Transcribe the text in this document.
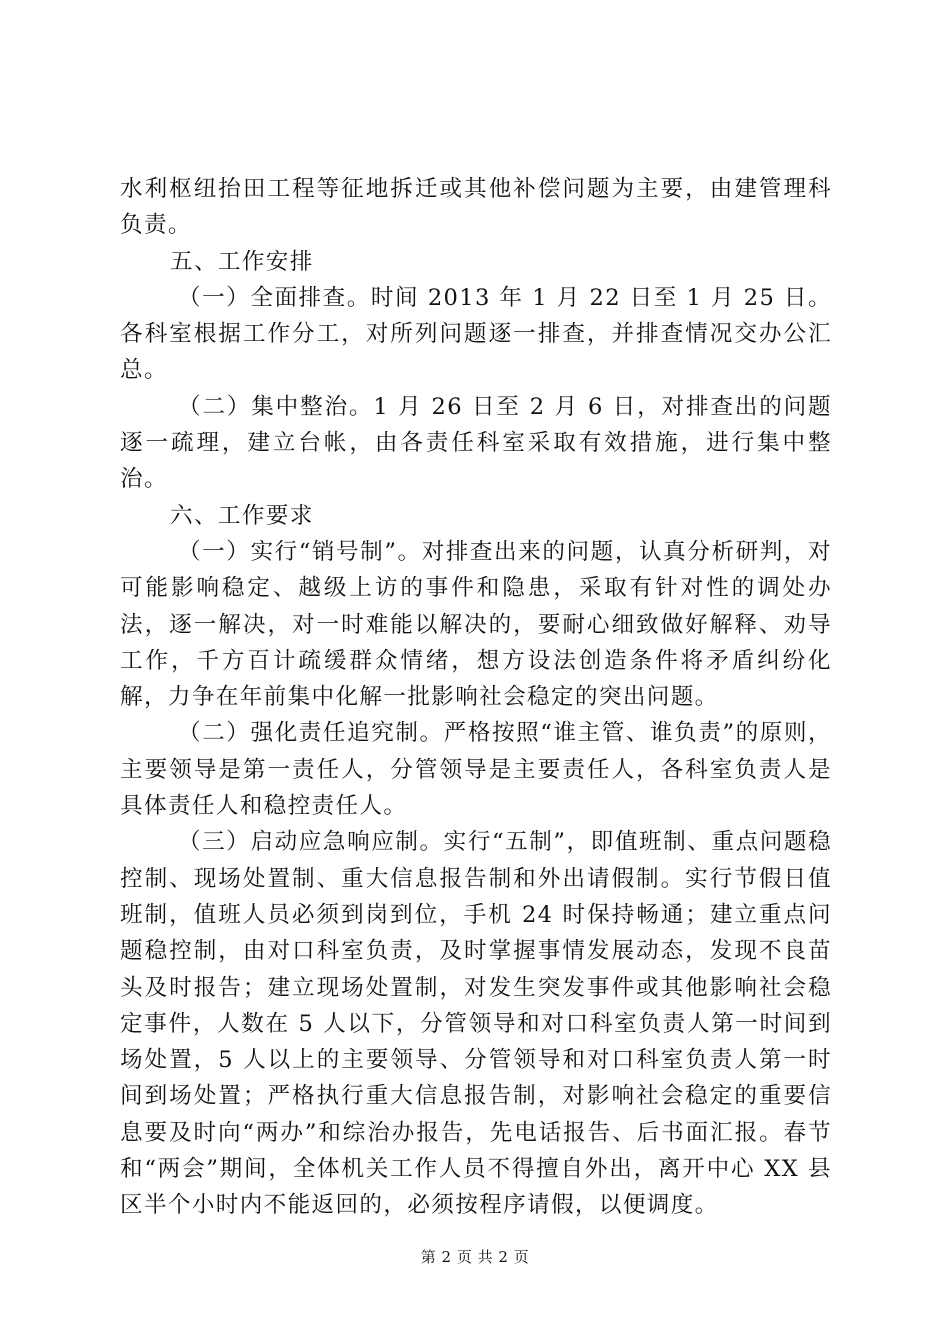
水利枢纽抬田工程等征地拆迁或其他补偿问题为主要，由建管理科负责。

五、工作安排

（一）全面排查。时间 2013 年 1 月 22 日至 1 月 25 日。各科室根据工作分工，对所列问题逐一排查，并排查情况交办公汇总。

（二）集中整治。1 月 26 日至 2 月 6 日，对排查出的问题逐一疏理，建立台帐，由各责任科室采取有效措施，进行集中整治。

六、工作要求

（一）实行“销号制”。对排查出来的问题，认真分析研判，对可能影响稳定、越级上访的事件和隐患，采取有针对性的调处办法，逐一解决，对一时难能以解决的，要耐心细致做好解释、劝导工作，千方百计疏缓群众情绪，想方设法创造条件将矛盾纠纷化解，力争在年前集中化解一批影响社会稳定的突出问题。

（二）强化责任追究制。严格按照“谁主管、谁负责”的原则，主要领导是第一责任人，分管领导是主要责任人，各科室负责人是具体责任人和稳控责任人。

（三）启动应急响应制。实行“五制”，即值班制、重点问题稳控制、现场处置制、重大信息报告制和外出请假制。实行节假日值班制，值班人员必须到岗到位，手机 24 时保持畅通；建立重点问题稳控制，由对口科室负责，及时掌握事情发展动态，发现不良苗头及时报告；建立现场处置制，对发生突发事件或其他影响社会稳定事件，人数在 5 人以下，分管领导和对口科室负责人第一时间到场处置，5 人以上的主要领导、分管领导和对口科室负责人第一时间到场处置；严格执行重大信息报告制，对影响社会稳定的重要信息要及时向“两办”和综治办报告，先电话报告、后书面汇报。春节和“两会”期间，全体机关工作人员不得擅自外出，离开中心 XX 县区半个小时内不能返回的，必须按程序请假，以便调度。

第 2 页 共 2 页
